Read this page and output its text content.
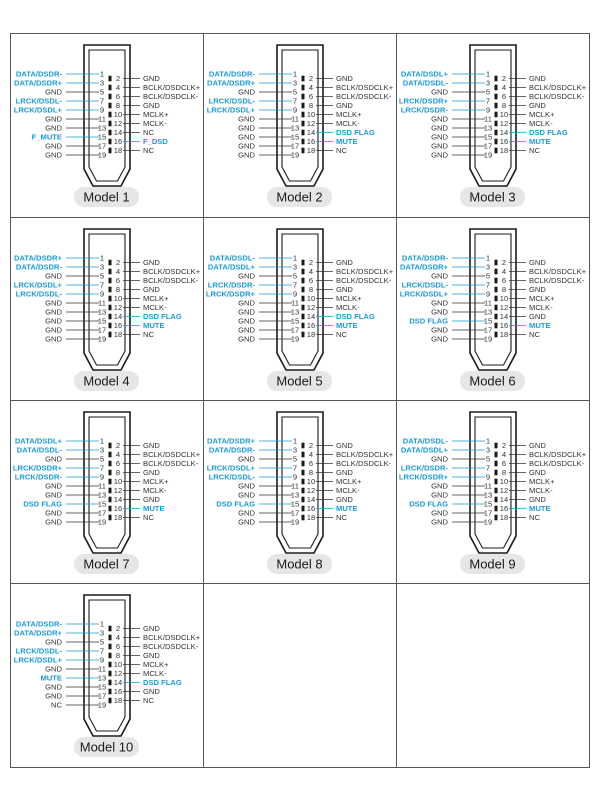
DATA/DSDR-	1
DATA/DSDR+	3
GND	5
LRCK/DSDL-	7
LRCK/DSDL+	9
GND	11
GND	13
F_MUTE	15
GND	17
GND	19
2	GND
4	BCLK/DSDCLK+
6	BCLK/DSDCLK-
8	GND
10	MCLK+
12	MCLK-
14	NC
16	F_DSD
18	NC
Model 1
DATA/DSDR-	1
DATA/DSDR+	3
GND	5
LRCK/DSDL-	7
LRCK/DSDL+	9
GND	11
GND	13
GND	15
GND	17
GND	19
2	GND
4	BCLK/DSDCLK+
6	BCLK/DSDCLK-
8	GND
10	MCLK+
12	MCLK-
14	DSD FLAG
16	MUTE
18	NC
Model 2
DATA/DSDL+	1
DATA/DSDL-	3
GND	5
LRCK/DSDR+	7
LRCK/DSDR-	9
GND	11
GND	13
GND	15
GND	17
GND	19
2	GND
4	BCLK/DSDCLK+
6	BCLK/DSDCLK-
8	GND
10	MCLK+
12	MCLK-
14	DSD FLAG
16	MUTE
18	NC
Model 3
DATA/DSDR+	1
DATA/DSDR-	3
GND	5
LRCK/DSDL+	7
LRCK/DSDL-	9
GND	11
GND	13
GND	15
GND	17
GND	19
2	GND
4	BCLK/DSDCLK+
6	BCLK/DSDCLK-
8	GND
10	MCLK+
12	MCLK-
14	DSD FLAG
16	MUTE
18	NC
Model 4
DATA/DSDL-	1
DATA/DSDL+	3
GND	5
LRCK/DSDR-	7
LRCK/DSDR+	9
GND	11
GND	13
GND	15
GND	17
GND	19
2	GND
4	BCLK/DSDCLK+
6	BCLK/DSDCLK-
8	GND
10	MCLK+
12	MCLK-
14	DSD FLAG
16	MUTE
18	NC
Model 5
DATA/DSDR-	1
DATA/DSDR+	3
GND	5
LRCK/DSDL-	7
LRCK/DSDL+	9
GND	11
GND	13
DSD FLAG	15
GND	17
GND	19
2	GND
4	BCLK/DSDCLK+
6	BCLK/DSDCLK-
8	GND
10	MCLK+
12	MCLK-
14	GND
16	MUTE
18	NC
Model 6
DATA/DSDL+	1
DATA/DSDL-	3
GND	5
LRCK/DSDR+	7
LRCK/DSDR-	9
GND	11
GND	13
DSD FLAG	15
GND	17
GND	19
2	GND
4	BCLK/DSDCLK+
6	BCLK/DSDCLK-
8	GND
10	MCLK+
12	MCLK-
14	GND
16	MUTE
18	NC
Model 7
DATA/DSDR+	1
DATA/DSDR-	3
GND	5
LRCK/DSDL+	7
LRCK/DSDL-	9
GND	11
GND	13
DSD FLAG	15
GND	17
GND	19
2	GND
4	BCLK/DSDCLK+
6	BCLK/DSDCLK-
8	GND
10	MCLK+
12	MCLK-
14	GND
16	MUTE
18	NC
Model 8
DATA/DSDL-	1
DATA/DSDL+	3
GND	5
LRCK/DSDR-	7
LRCK/DSDR+	9
GND	11
GND	13
DSD FLAG	15
GND	17
GND	19
2	GND
4	BCLK/DSDCLK+
6	BCLK/DSDCLK-
8	GND
10	MCLK+
12	MCLK-
14	GND
16	MUTE
18	NC
Model 9
DATA/DSDR-	1
DATA/DSDR+	3
GND	5
LRCK/DSDL-	7
LRCK/DSDL+	9
GND	11
MUTE	13
GND	15
GND	17
NC	19
2	GND
4	BCLK/DSDCLK+
6	BCLK/DSDCLK-
8	GND
10	MCLK+
12	MCLK-
14	DSD FLAG
16	GND
18	NC
Model 10
